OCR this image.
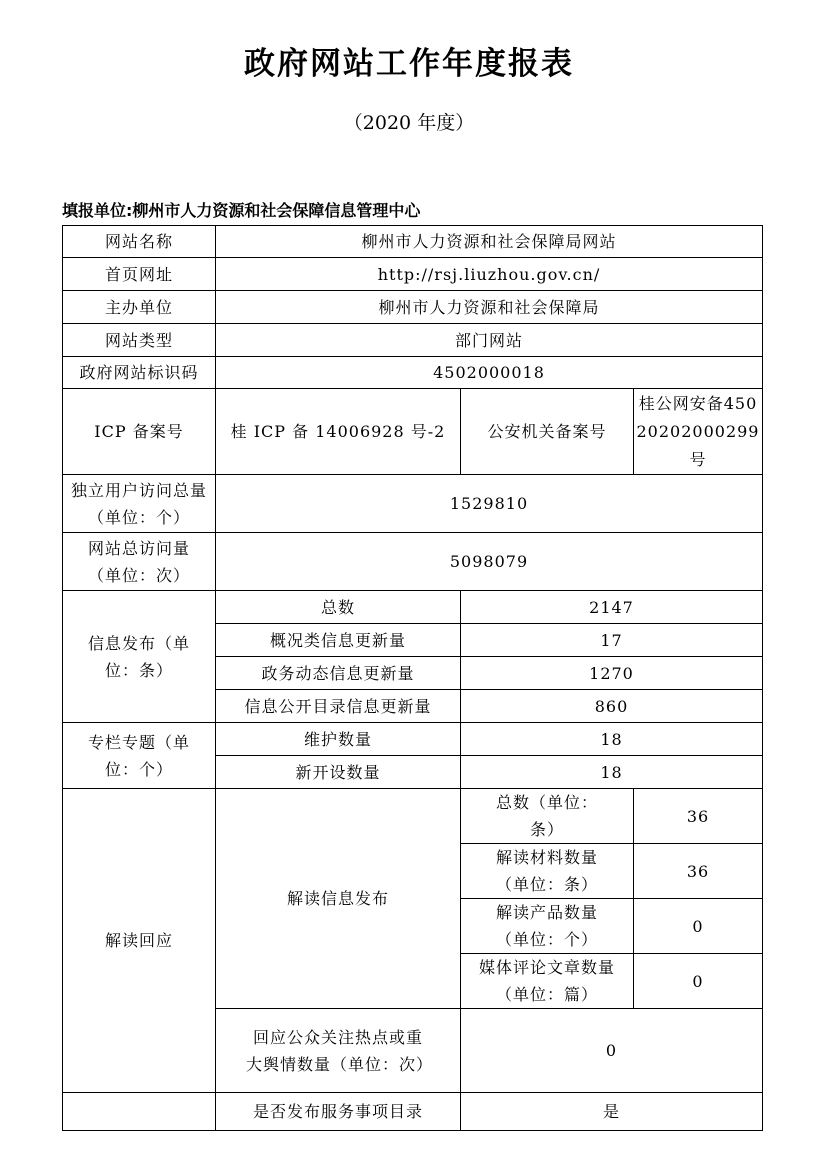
政府网站工作年度报表
（2020 年度）
填报单位:柳州市人力资源和社会保障信息管理中心
网站名称	柳州市人力资源和社会保障局网站		
首页网址	http://rsj.liuzhou.gov.cn/		
主办单位	柳州市人力资源和社会保障局		
网站类型	部门网站		
政府网站标识码	4502000018		
ICP 备案号	桂 ICP 备 14006928 号-2	公安机关备案号	桂公网安备45020202000299 号
独立用户访问总量（单位：个）	1529810		
网站总访问量（单位：次）	5098079		
信息发布（单位：条）	总数	2147	
	概况类信息更新量	17	
	政务动态信息更新量	1270	
	信息公开目录信息更新量	860	
专栏专题（单位：个）	维护数量	18	
	新开设数量	18	
解读回应	解读信息发布	总数（单位：条）	36
		解读材料数量（单位：条）	36
		解读产品数量（单位：个）	0
		媒体评论文章数量（单位：篇）	0
	回应公众关注热点或重大舆情数量（单位：次）	0	
	是否发布服务事项目录	是	
